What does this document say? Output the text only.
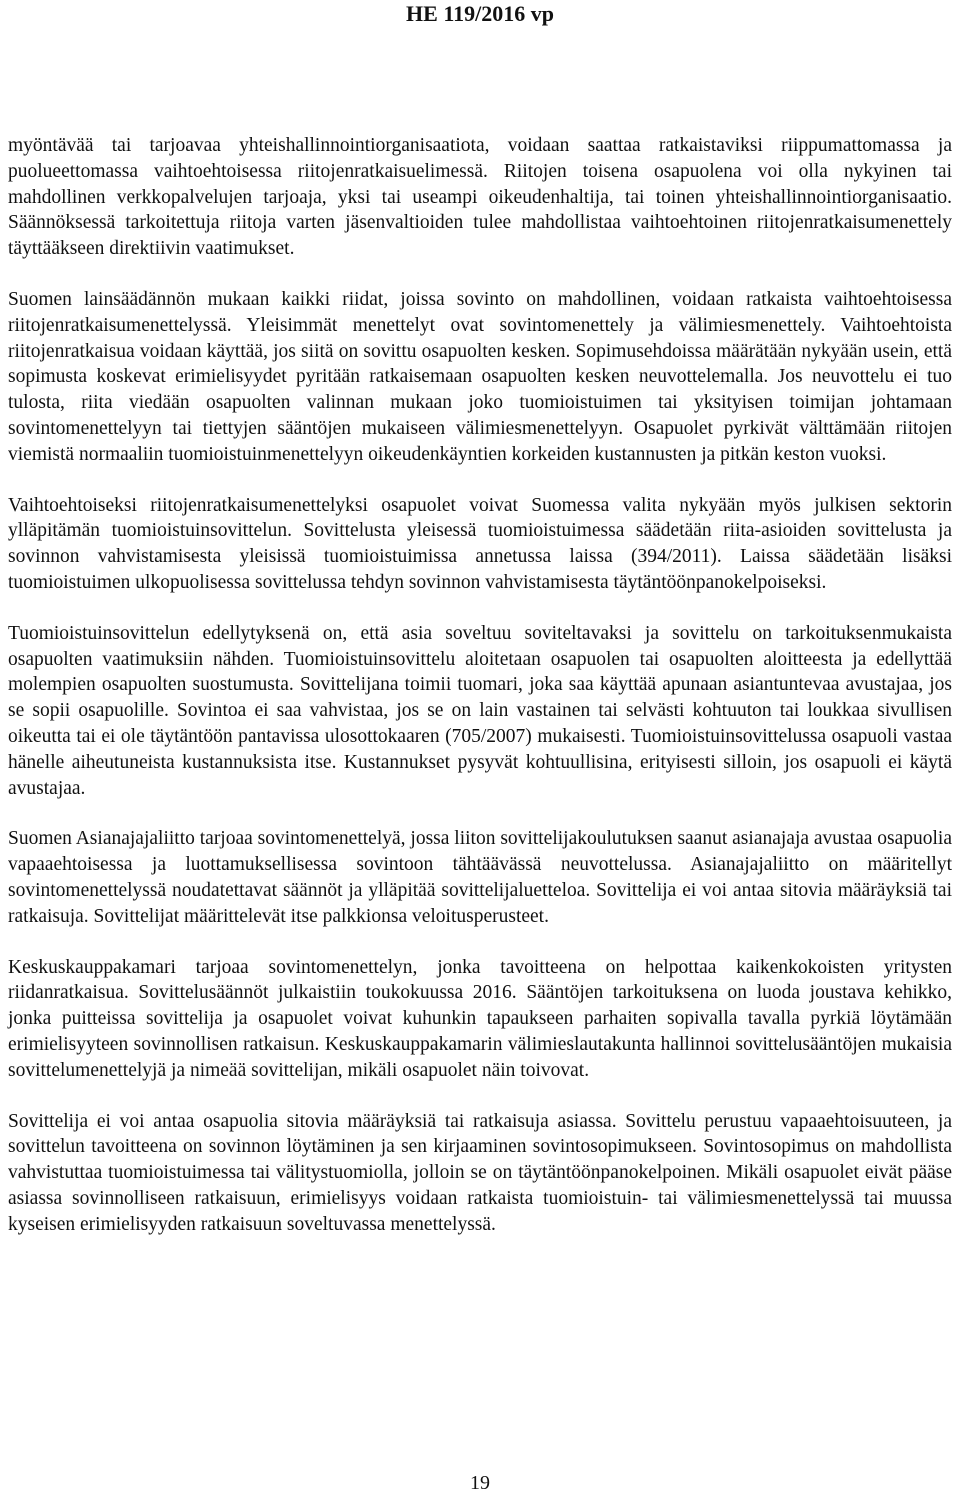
HE 119/2016 vp

myöntävää tai tarjoavaa yhteishallinnointiorganisaatiota, voidaan saattaa ratkaistaviksi riippumattomassa ja puolueettomassa vaihtoehtoisessa riitojenratkaisuelimessä. Riitojen toisena osapuolena voi olla nykyinen tai mahdollinen verkkopalvelujen tarjoaja, yksi tai useampi oikeudenhaltija, tai toinen yhteishallinnointiorganisaatio. Säännöksessä tarkoitettuja riitoja varten jäsenvaltioiden tulee mahdollistaa vaihtoehtoinen riitojenratkaisumenettely täyttääkseen direktiivin vaatimukset.

Suomen lainsäädännön mukaan kaikki riidat, joissa sovinto on mahdollinen, voidaan ratkaista vaihtoehtoisessa riitojenratkaisumenettelyssä. Yleisimmät menettelyt ovat sovintomenettely ja välimiesmenettely. Vaihtoehtoista riitojenratkaisua voidaan käyttää, jos siitä on sovittu osapuolten kesken. Sopimusehdoissa määrätään nykyään usein, että sopimusta koskevat erimielisyydet pyritään ratkaisemaan osapuolten kesken neuvottelemalla. Jos neuvottelu ei tuo tulosta, riita viedään osapuolten valinnan mukaan joko tuomioistuimen tai yksityisen toimijan johtamaan sovintomenettelyyn tai tiettyjen sääntöjen mukaiseen välimiesmenettelyyn. Osapuolet pyrkivät välttämään riitojen viemistä normaaliin tuomioistuinmenettelyyn oikeudenkäyntien korkeiden kustannusten ja pitkän keston vuoksi.

Vaihtoehtoiseksi riitojenratkaisumenettelyksi osapuolet voivat Suomessa valita nykyään myös julkisen sektorin ylläpitämän tuomioistuinsovittelun. Sovittelusta yleisessä tuomioistuimessa säädetään riita-asioiden sovittelusta ja sovinnon vahvistamisesta yleisissä tuomioistuimissa annetussa laissa (394/2011). Laissa säädetään lisäksi tuomioistuimen ulkopuolisessa sovittelussa tehdyn sovinnon vahvistamisesta täytäntöönpanokelpoiseksi.

Tuomioistuinsovittelun edellytyksenä on, että asia soveltuu soviteltavaksi ja sovittelu on tarkoituksenmukaista osapuolten vaatimuksiin nähden. Tuomioistuinsovittelu aloitetaan osapuolen tai osapuolten aloitteesta ja edellyttää molempien osapuolten suostumusta. Sovittelijana toimii tuomari, joka saa käyttää apunaan asiantuntevaa avustajaa, jos se sopii osapuolille. Sovintoa ei saa vahvistaa, jos se on lain vastainen tai selvästi kohtuuton tai loukkaa sivullisen oikeutta tai ei ole täytäntöön pantavissa ulosottokaaren (705/2007) mukaisesti. Tuomioistuinsovittelussa osapuoli vastaa hänelle aiheutuneista kustannuksista itse. Kustannukset pysyvät kohtuullisina, erityisesti silloin, jos osapuoli ei käytä avustajaa.

Suomen Asianajajaliitto tarjoaa sovintomenettelyä, jossa liiton sovittelijakoulutuksen saanut asianajaja avustaa osapuolia vapaaehtoisessa ja luottamuksellisessa sovintoon tähtäävässä neuvottelussa. Asianajajaliitto on määritellyt sovintomenettelyssä noudatettavat säännöt ja ylläpitää sovittelijaluetteloa. Sovittelija ei voi antaa sitovia määräyksiä tai ratkaisuja. Sovittelijat määrittelevät itse palkkionsa veloitusperusteet.

Keskuskauppakamari tarjoaa sovintomenettelyn, jonka tavoitteena on helpottaa kaikenkokoisten yritysten riidanratkaisua. Sovittelusäännöt julkaistiin toukokuussa 2016. Sääntöjen tarkoituksena on luoda joustava kehikko, jonka puitteissa sovittelija ja osapuolet voivat kuhunkin tapaukseen parhaiten sopivalla tavalla pyrkiä löytämään erimielisyyteen sovinnollisen ratkaisun. Keskuskauppakamarin välimieslautakunta hallinnoi sovittelusääntöjen mukaisia sovittelumenettelyjä ja nimeää sovittelijan, mikäli osapuolet näin toivovat.

Sovittelija ei voi antaa osapuolia sitovia määräyksiä tai ratkaisuja asiassa. Sovittelu perustuu vapaaehtoisuuteen, ja sovittelun tavoitteena on sovinnon löytäminen ja sen kirjaaminen sovintosopimukseen. Sovintosopimus on mahdollista vahvistuttaa tuomioistuimessa tai välitystuomiolla, jolloin se on täytäntöönpanokelpoinen. Mikäli osapuolet eivät pääse asiassa sovinnolliseen ratkaisuun, erimielisyys voidaan ratkaista tuomioistuin- tai välimiesmenettelyssä tai muussa kyseisen erimielisyyden ratkaisuun soveltuvassa menettelyssä.

19
